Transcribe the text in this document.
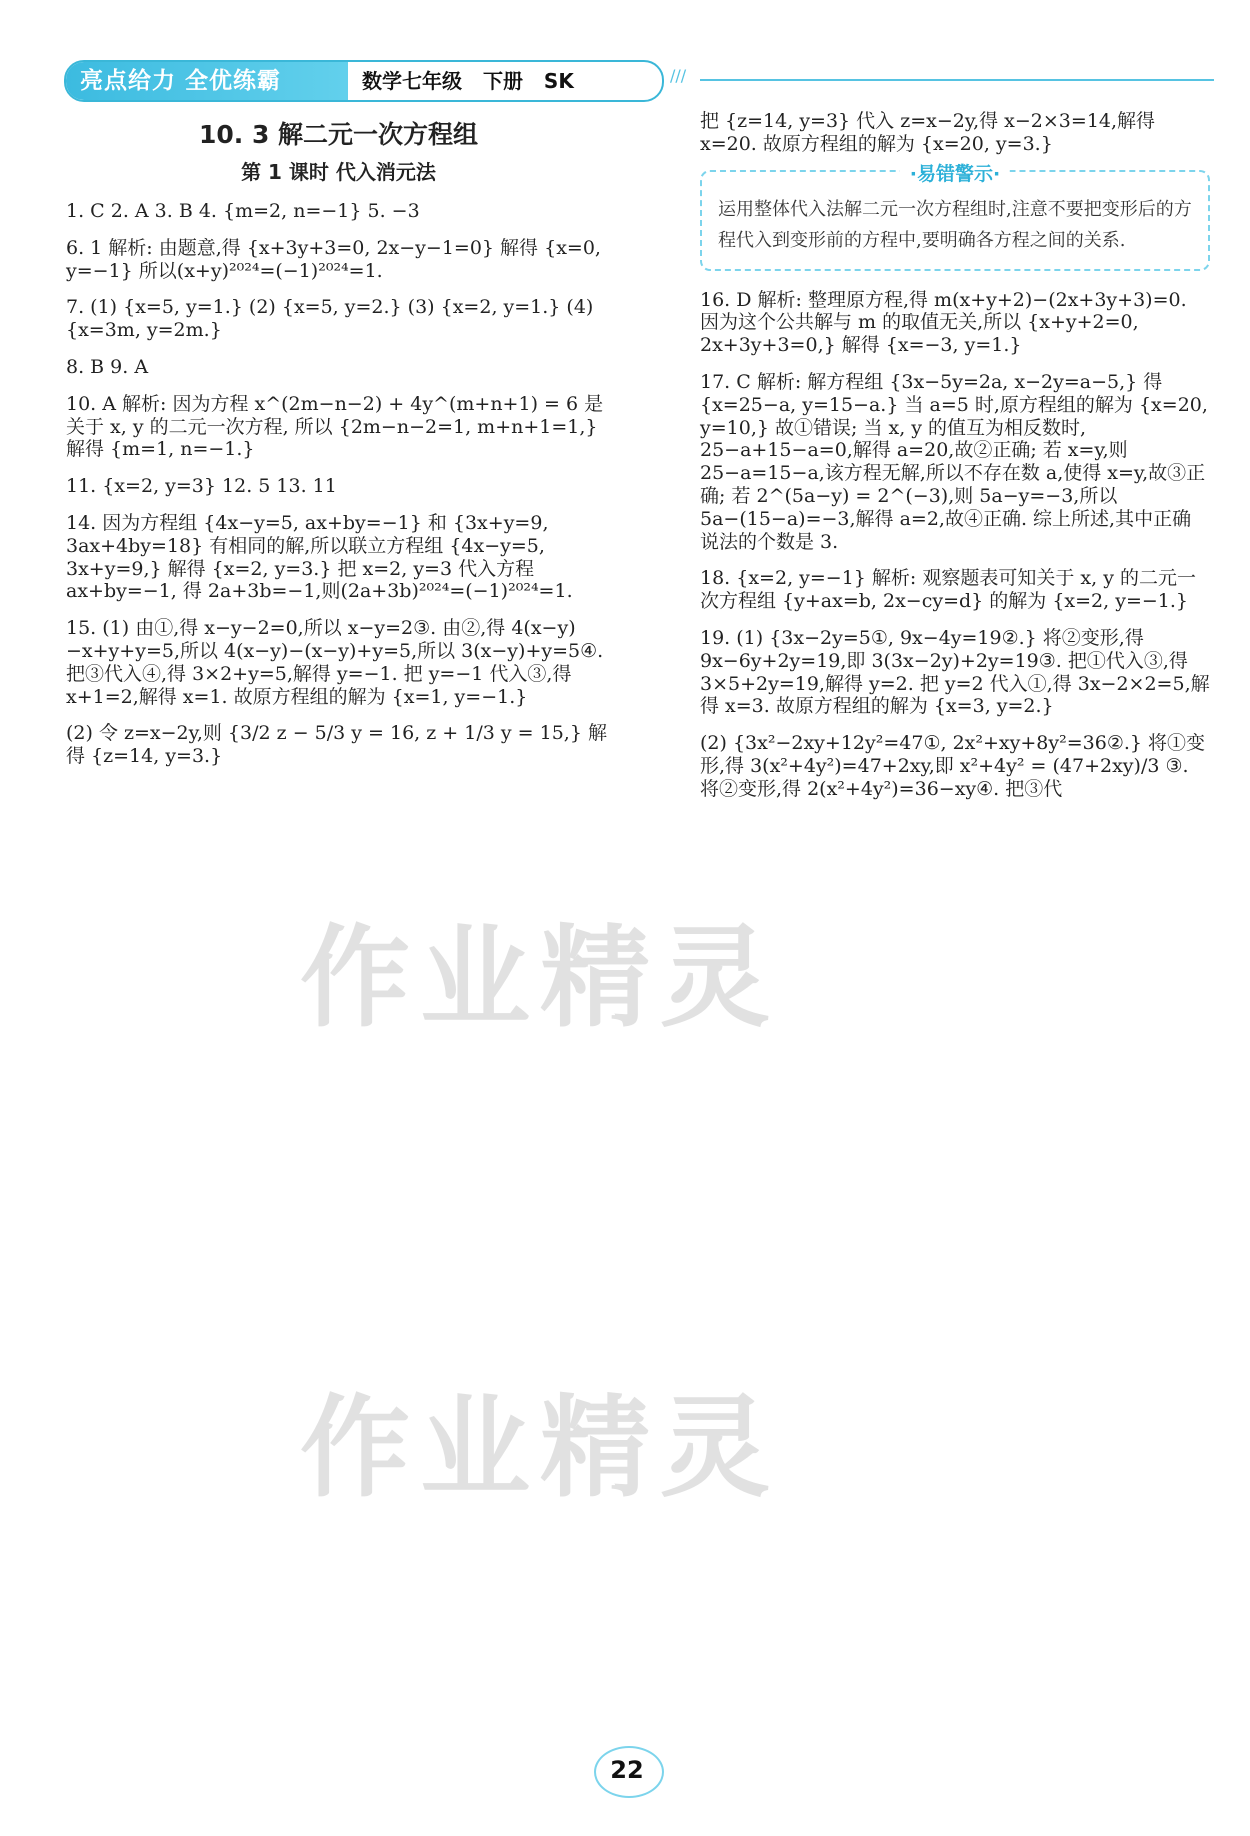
亮点给力 全优练霸	数学七年级 下册 SK	///
10. 3 解二元一次方程组
第 1 课时 代入消元法
1. C 2. A 3. B 4. {m=2, n=−1} 5. −3
6. 1 解析: 由题意,得 {x+3y+3=0, 2x−y−1=0} 解得 {x=0, y=−1} 所以(x+y)²⁰²⁴=(−1)²⁰²⁴=1.
7. (1) {x=5, y=1.} (2) {x=5, y=2.} (3) {x=2, y=1.} (4) {x=3m, y=2m.}
8. B 9. A
10. A 解析: 因为方程 x^(2m−n−2) + 4y^(m+n+1) = 6 是关于 x, y 的二元一次方程, 所以 {2m−n−2=1, m+n+1=1,} 解得 {m=1, n=−1.}
11. {x=2, y=3} 12. 5 13. 11
14. 因为方程组 {4x−y=5, ax+by=−1} 和 {3x+y=9, 3ax+4by=18} 有相同的解,所以联立方程组 {4x−y=5, 3x+y=9,} 解得 {x=2, y=3.} 把 x=2, y=3 代入方程 ax+by=−1, 得 2a+3b=−1,则(2a+3b)²⁰²⁴=(−1)²⁰²⁴=1.
15. (1) 由①,得 x−y−2=0,所以 x−y=2③. 由②,得 4(x−y)−x+y+y=5,所以 4(x−y)−(x−y)+y=5,所以 3(x−y)+y=5④. 把③代入④,得 3×2+y=5,解得 y=−1. 把 y=−1 代入③,得 x+1=2,解得 x=1. 故原方程组的解为 {x=1, y=−1.}
(2) 令 z=x−2y,则 {3/2 z − 5/3 y = 16, z + 1/3 y = 15,} 解得 {z=14, y=3.}
把 {z=14, y=3} 代入 z=x−2y,得 x−2×3=14,解得 x=20. 故原方程组的解为 {x=20, y=3.}
·易错警示·
运用整体代入法解二元一次方程组时,注意不要把变形后的方程代入到变形前的方程中,要明确各方程之间的关系.
16. D 解析: 整理原方程,得 m(x+y+2)−(2x+3y+3)=0. 因为这个公共解与 m 的取值无关,所以 {x+y+2=0, 2x+3y+3=0,} 解得 {x=−3, y=1.}
17. C 解析: 解方程组 {3x−5y=2a, x−2y=a−5,} 得 {x=25−a, y=15−a.} 当 a=5 时,原方程组的解为 {x=20, y=10,} 故①错误; 当 x, y 的值互为相反数时, 25−a+15−a=0,解得 a=20,故②正确; 若 x=y,则 25−a=15−a,该方程无解,所以不存在数 a,使得 x=y,故③正确; 若 2^(5a−y) = 2^(−3),则 5a−y=−3,所以 5a−(15−a)=−3,解得 a=2,故④正确. 综上所述,其中正确说法的个数是 3.
18. {x=2, y=−1} 解析: 观察题表可知关于 x, y 的二元一次方程组 {y+ax=b, 2x−cy=d} 的解为 {x=2, y=−1.}
19. (1) {3x−2y=5①, 9x−4y=19②.} 将②变形,得 9x−6y+2y=19,即 3(3x−2y)+2y=19③. 把①代入③,得 3×5+2y=19,解得 y=2. 把 y=2 代入①,得 3x−2×2=5,解得 x=3. 故原方程组的解为 {x=3, y=2.}
(2) {3x²−2xy+12y²=47①, 2x²+xy+8y²=36②.} 将①变形,得 3(x²+4y²)=47+2xy,即 x²+4y² = (47+2xy)/3 ③. 将②变形,得 2(x²+4y²)=36−xy④. 把③代
作业精灵
作业精灵
22
